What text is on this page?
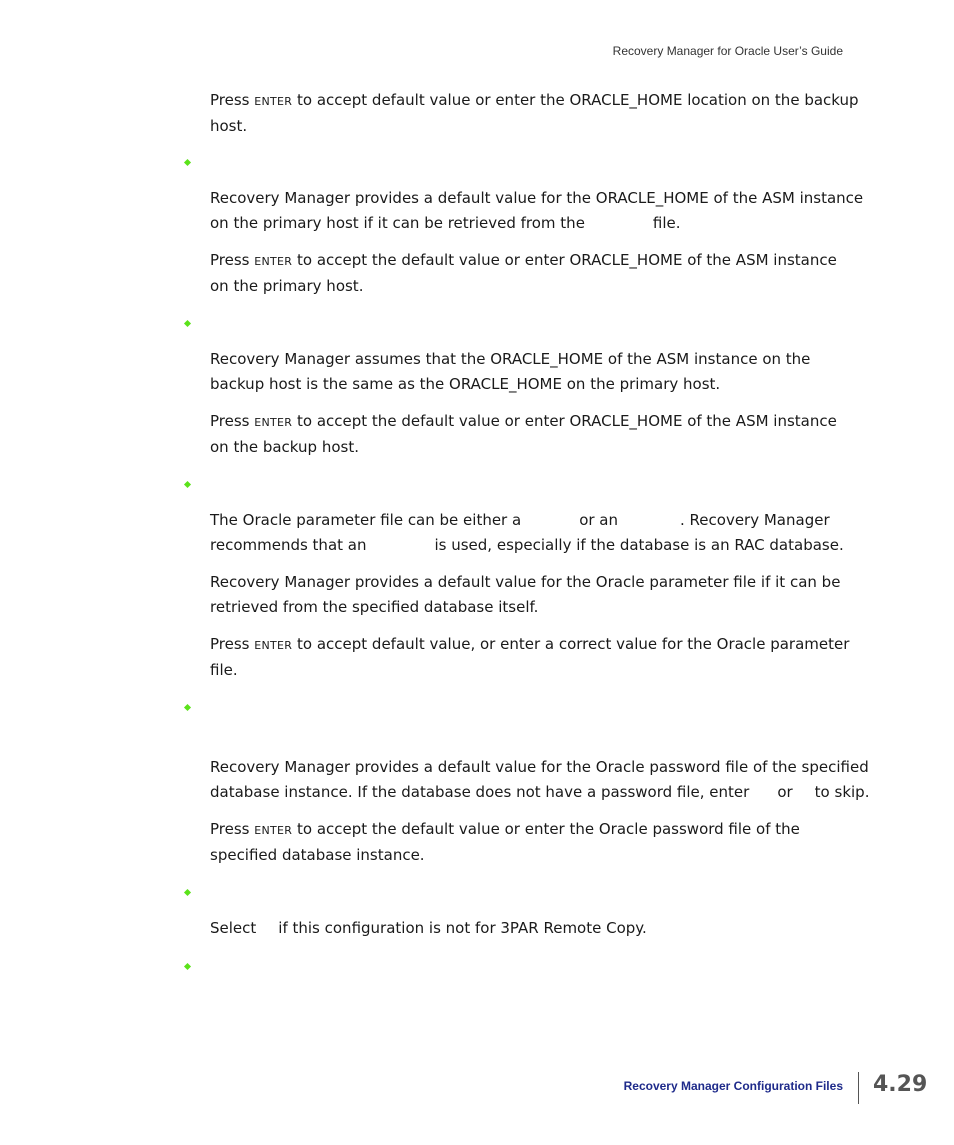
Recovery Manager for Oracle User’s Guide
Press ENTER to accept default value or enter the ORACLE_HOME location on the backup host.
Recovery Manager provides a default value for the ORACLE_HOME of the ASM instance
on the primary host if it can be retrieved from the	file.
Press ENTER to accept the default value or enter ORACLE_HOME of the ASM instance on the primary host.
Recovery Manager assumes that the ORACLE_HOME of the ASM instance on the backup host is the same as the ORACLE_HOME on the primary host.
Press ENTER to accept the default value or enter ORACLE_HOME of the ASM instance on the backup host.
The Oracle parameter file can be either a	or an	. Recovery Manager
recommends that an	is used, especially if the database is an RAC database.
Recovery Manager provides a default value for the Oracle parameter file if it can be retrieved from the specified database itself.
Press ENTER to accept default value, or enter a correct value for the Oracle parameter file.
Recovery Manager provides a default value for the Oracle password file of the specified
database instance. If the database does not have a password file, enter or to skip.
Press ENTER to accept the default value or enter the Oracle password file of the specified database instance.
Select if this configuration is not for 3PAR Remote Copy.
Recovery Manager Configuration Files 4.29
